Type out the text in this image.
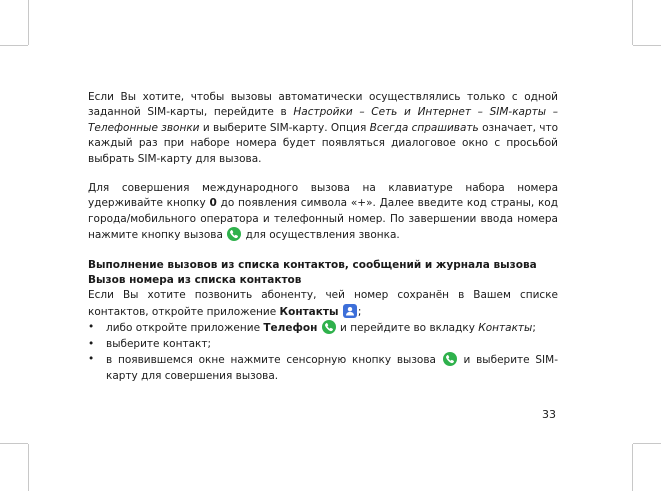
Если Вы хотите, чтобы вызовы автоматически осуществлялись только с одной заданной SIM-карты, перейдите в Настройки – Сеть и Интернет – SIM-карты – Телефонные звонки и выберите SIM-карту. Опция Всегда спрашивать означает, что каждый раз при наборе номера будет появляться диалоговое окно с просьбой выбрать SIM-карту для вызова.

Для совершения международного вызова на клавиатуре набора номера удерживайте кнопку 0 до появления символа «+». Далее введите код страны, код города/мобильного оператора и телефонный номер. По завершении ввода номера нажмите кнопку вызова
для осуществления звонка.

Выполнение вызовов из списка контактов, сообщений и журнала вызова

Вызов номера из списка контактов

Если Вы хотите позвонить абоненту, чей номер сохранён в Вашем списке контактов, откройте приложение Контакты ;

• либо откройте приложение Телефон
и перейдите во вкладку Контакты;
• выберите контакт;
• в появившемся окне нажмите сенсорную кнопку вызова
и выберите SIM-карту для совершения вызова.
33
